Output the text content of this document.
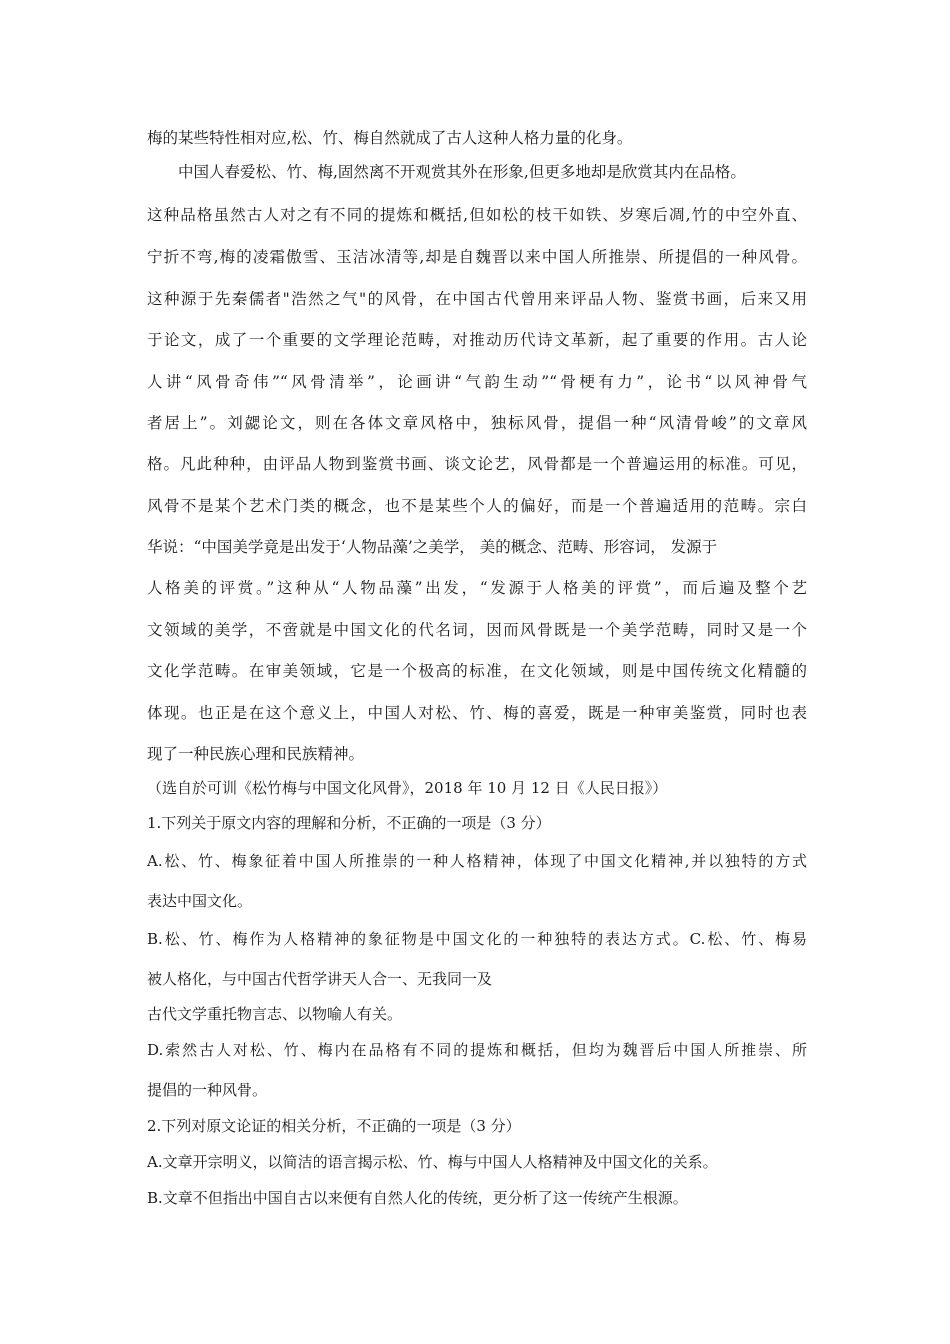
梅的某些特性相对应,松、竹、梅自然就成了古人这种人格力量的化身。
中国人春爱松、竹、梅,固然离不开观赏其外在形象,但更多地却是欣赏其内在品格。
这种品格虽然古人对之有不同的提炼和概括,但如松的枝干如铁、岁寒后凋,竹的中空外直、
宁折不弯,梅的凌霜傲雪、玉洁冰清等,却是自魏晋以来中国人所推崇、所提倡的一种风骨。
这种源于先秦儒者"浩然之气"的风骨，在中国古代曾用来评品人物、鉴赏书画，后来又用
于论文，成了一个重要的文学理论范畴，对推动历代诗文革新，起了重要的作用。古人论
人讲“风骨奇伟”“风骨清举”，论画讲“气韵生动”“骨梗有力”，论书“以风神骨气
者居上”。刘勰论文，则在各体文章风格中，独标风骨，提倡一种“风清骨峻”的文章风
格。凡此种种，由评品人物到鉴赏书画、谈文论艺，风骨都是一个普遍运用的标准。可见，
风骨不是某个艺术门类的概念，也不是某些个人的偏好，而是一个普遍适用的范畴。宗白
华说：“中国美学竟是出发于‘人物品藻’之美学， 美的概念、范畴、形容词， 发源于
人格美的评赏。”这种从“人物品藻”出发，“发源于人格美的评赏”，而后遍及整个艺
文领域的美学，不啻就是中国文化的代名词，因而风骨既是一个美学范畴，同时又是一个
文化学范畴。在审美领域，它是一个极高的标准，在文化领域，则是中国传统文化精髓的
体现。也正是在这个意义上，中国人对松、竹、梅的喜爱，既是一种审美鉴赏，同时也表
现了一种民族心理和民族精神。
（选自於可训《松竹梅与中国文化风骨》，2018 年 10 月 12 日《人民日报》）
1.下列关于原文内容的理解和分析，不正确的一项是（3 分）
A.松、竹、梅象征着中国人所推崇的一种人格精神，体现了中国文化精神,并以独特的方式
表达中国文化。
B.松、竹、梅作为人格精神的象征物是中国文化的一种独特的表达方式。C.松、竹、梅易
被人格化，与中国古代哲学讲天人合一、无我同一及
古代文学重托物言志、以物喻人有关。
D.索然古人对松、竹、梅内在品格有不同的提炼和概括，但均为魏晋后中国人所推崇、所
提倡的一种风骨。
2.下列对原文论证的相关分析，不正确的一项是（3 分）
A.文章开宗明义，以简洁的语言揭示松、竹、梅与中国人人格精神及中国文化的关系。
B.文章不但指出中国自古以来便有自然人化的传统，更分析了这一传统产生根源。
